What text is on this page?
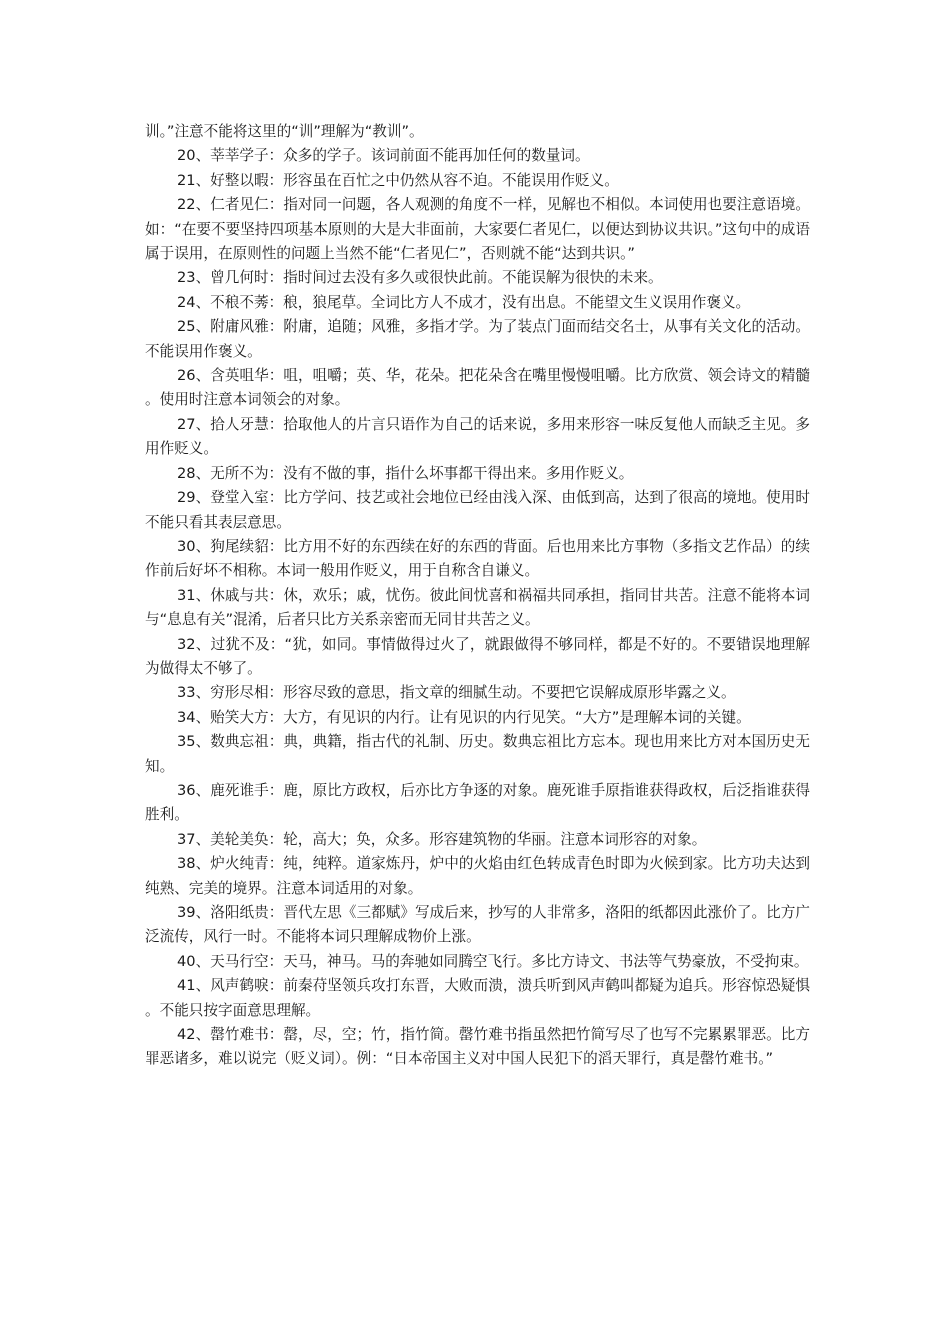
训。”注意不能将这里的“训”理解为“教训”。

20、莘莘学子：众多的学子。该词前面不能再加任何的数量词。

21、好整以暇：形容虽在百忙之中仍然从容不迫。不能误用作贬义。

22、仁者见仁：指对同一问题，各人观测的角度不一样，见解也不相似。本词使用也要注意语境。如：“在要不要坚持四项基本原则的大是大非面前，大家要仁者见仁，以便达到协议共识。”这句中的成语属于误用，在原则性的问题上当然不能“仁者见仁”，否则就不能“达到共识。”

23、曾几何时：指时间过去没有多久或很快此前。不能误解为很快的未来。

24、不稂不莠：稂，狼尾草。全词比方人不成才，没有出息。不能望文生义误用作褒义。

25、附庸风雅：附庸，追随；风雅，多指才学。为了装点门面而结交名士，从事有关文化的活动。不能误用作褒义。

26、含英咀华：咀，咀嚼；英、华，花朵。把花朵含在嘴里慢慢咀嚼。比方欣赏、领会诗文的精髓。使用时注意本词领会的对象。

27、拾人牙慧：拾取他人的片言只语作为自己的话来说，多用来形容一味反复他人而缺乏主见。多用作贬义。

28、无所不为：没有不做的事，指什么坏事都干得出来。多用作贬义。

29、登堂入室：比方学问、技艺或社会地位已经由浅入深、由低到高，达到了很高的境地。使用时不能只看其表层意思。

30、狗尾续貂：比方用不好的东西续在好的东西的背面。后也用来比方事物（多指文艺作品）的续作前后好坏不相称。本词一般用作贬义，用于自称含自谦义。

31、休戚与共：休，欢乐；戚，忧伤。彼此间忧喜和祸福共同承担，指同甘共苦。注意不能将本词与“息息有关”混淆，后者只比方关系亲密而无同甘共苦之义。

32、过犹不及：“犹，如同。事情做得过火了，就跟做得不够同样，都是不好的。不要错误地理解为做得太不够了。

33、穷形尽相：形容尽致的意思，指文章的细腻生动。不要把它误解成原形毕露之义。

34、贻笑大方：大方，有见识的内行。让有见识的内行见笑。“大方”是理解本词的关键。

35、数典忘祖：典，典籍，指古代的礼制、历史。数典忘祖比方忘本。现也用来比方对本国历史无知。

36、鹿死谁手：鹿，原比方政权，后亦比方争逐的对象。鹿死谁手原指谁获得政权，后泛指谁获得胜利。

37、美轮美奂：轮，高大；奂，众多。形容建筑物的华丽。注意本词形容的对象。

38、炉火纯青：纯，纯粹。道家炼丹，炉中的火焰由红色转成青色时即为火候到家。比方功夫达到纯熟、完美的境界。注意本词适用的对象。

39、洛阳纸贵：晋代左思《三都赋》写成后来，抄写的人非常多，洛阳的纸都因此涨价了。比方广泛流传，风行一时。不能将本词只理解成物价上涨。

40、天马行空：天马，神马。马的奔驰如同腾空飞行。多比方诗文、书法等气势豪放，不受拘束。

41、风声鹤唳：前秦苻坚领兵攻打东晋，大败而溃，溃兵听到风声鹤叫都疑为追兵。形容惊恐疑惧。不能只按字面意思理解。

42、罄竹难书：罄，尽，空；竹，指竹简。罄竹难书指虽然把竹简写尽了也写不完累累罪恶。比方罪恶诸多，难以说完（贬义词）。例：“日本帝国主义对中国人民犯下的滔天罪行，真是罄竹难书。”
